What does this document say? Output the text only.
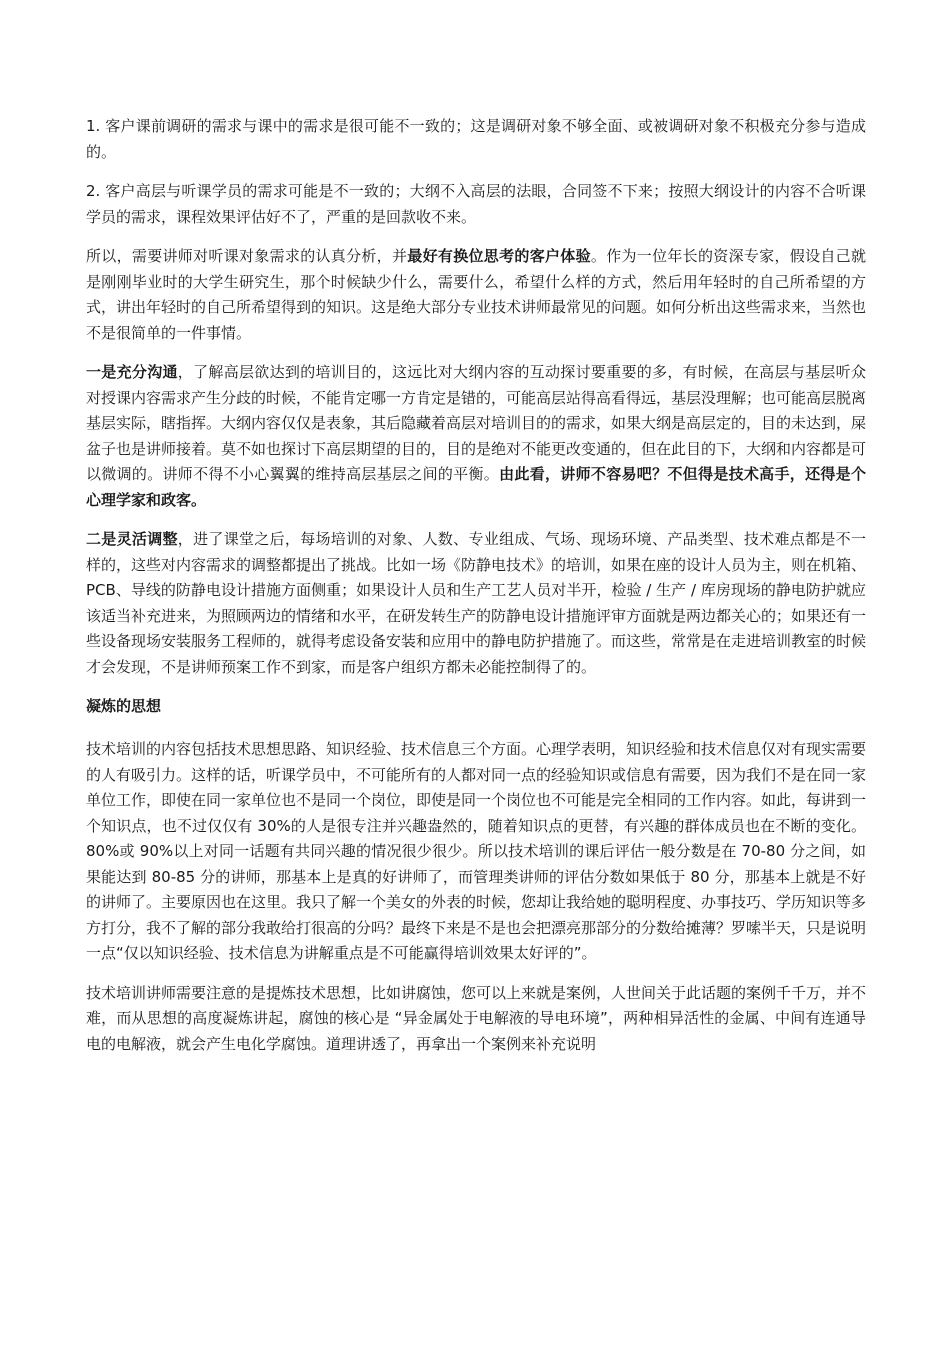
1. 客户课前调研的需求与课中的需求是很可能不一致的；这是调研对象不够全面、或被调研对象不积极充分参与造成的。

2. 客户高层与听课学员的需求可能是不一致的；大纲不入高层的法眼，合同签不下来；按照大纲设计的内容不合听课学员的需求，课程效果评估好不了，严重的是回款收不来。

所以，需要讲师对听课对象需求的认真分析，并最好有换位思考的客户体验。作为一位年长的资深专家，假设自己就是刚刚毕业时的大学生研究生，那个时候缺少什么，需要什么，希望什么样的方式，然后用年轻时的自己所希望的方式，讲出年轻时的自己所希望得到的知识。这是绝大部分专业技术讲师最常见的问题。如何分析出这些需求来，当然也不是很简单的一件事情。

一是充分沟通，了解高层欲达到的培训目的，这远比对大纲内容的互动探讨要重要的多，有时候，在高层与基层听众对授课内容需求产生分歧的时候，不能肯定哪一方肯定是错的，可能高层站得高看得远，基层没理解；也可能高层脱离基层实际，瞎指挥。大纲内容仅仅是表象，其后隐藏着高层对培训目的的需求，如果大纲是高层定的，目的未达到，屎盆子也是讲师接着。莫不如也探讨下高层期望的目的，目的是绝对不能更改变通的，但在此目的下，大纲和内容都是可以微调的。讲师不得不小心翼翼的维持高层基层之间的平衡。由此看，讲师不容易吧？不但得是技术高手，还得是个心理学家和政客。

二是灵活调整，进了课堂之后，每场培训的对象、人数、专业组成、气场、现场环境、产品类型、技术难点都是不一样的，这些对内容需求的调整都提出了挑战。比如一场《防静电技术》的培训，如果在座的设计人员为主，则在机箱、PCB、导线的防静电设计措施方面侧重；如果设计人员和生产工艺人员对半开，检验 / 生产 / 库房现场的静电防护就应该适当补充进来，为照顾两边的情绪和水平，在研发转生产的防静电设计措施评审方面就是两边都关心的；如果还有一些设备现场安装服务工程师的，就得考虑设备安装和应用中的静电防护措施了。而这些，常常是在走进培训教室的时候才会发现，不是讲师预案工作不到家，而是客户组织方都未必能控制得了的。

凝炼的思想

技术培训的内容包括技术思想思路、知识经验、技术信息三个方面。心理学表明，知识经验和技术信息仅对有现实需要的人有吸引力。这样的话，听课学员中，不可能所有的人都对同一点的经验知识或信息有需要，因为我们不是在同一家单位工作，即使在同一家单位也不是同一个岗位，即使是同一个岗位也不可能是完全相同的工作内容。如此，每讲到一个知识点，也不过仅仅有 30%的人是很专注并兴趣盎然的，随着知识点的更替，有兴趣的群体成员也在不断的变化。80%或 90%以上对同一话题有共同兴趣的情况很少很少。所以技术培训的课后评估一般分数是在 70-80 分之间，如果能达到 80-85 分的讲师，那基本上是真的好讲师了，而管理类讲师的评估分数如果低于 80 分，那基本上就是不好的讲师了。主要原因也在这里。我只了解一个美女的外表的时候，您却让我给她的聪明程度、办事技巧、学历知识等多方打分，我不了解的部分我敢给打很高的分吗？最终下来是不是也会把漂亮那部分的分数给摊薄？罗嗦半天，只是说明一点“仅以知识经验、技术信息为讲解重点是不可能赢得培训效果太好评的”。

技术培训讲师需要注意的是提炼技术思想，比如讲腐蚀，您可以上来就是案例，人世间关于此话题的案例千千万，并不难，而从思想的高度凝炼讲起，腐蚀的核心是 “异金属处于电解液的导电环境”，两种相异活性的金属、中间有连通导电的电解液，就会产生电化学腐蚀。道理讲透了，再拿出一个案例来补充说明
